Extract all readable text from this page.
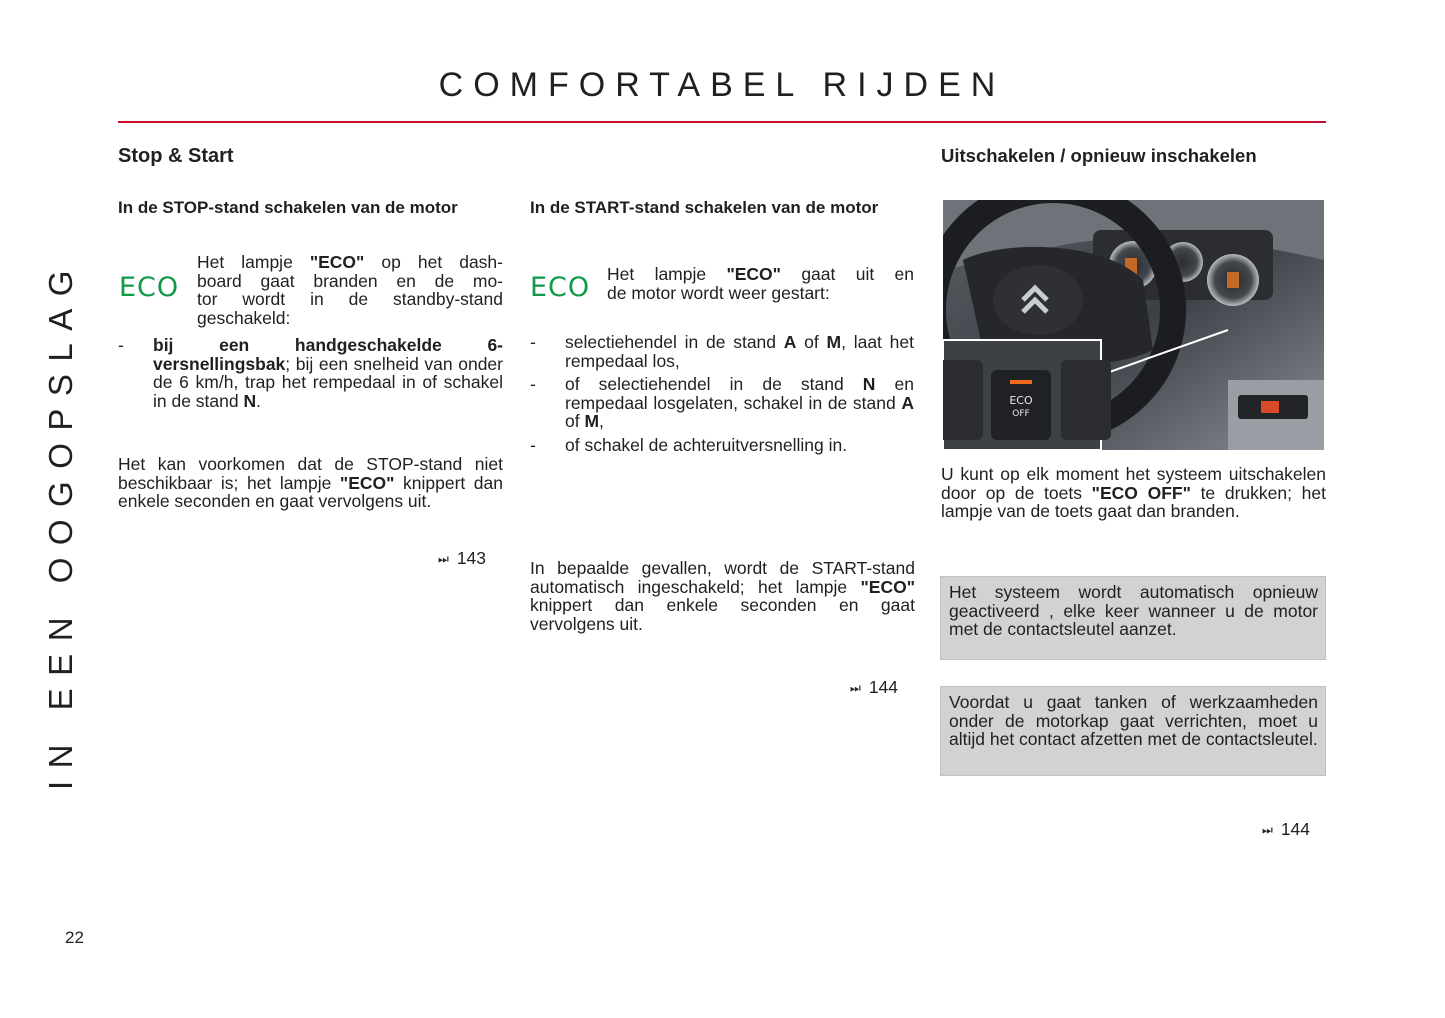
COMFORTABEL RIJDEN
IN EEN OOGOPSLAG
Stop & Start
In de STOP-stand schakelen van de motor
ECO
Het lampje "ECO" op het dash-
board gaat branden en de mo-
tor wordt in de standby-stand
geschakeld:
-	bij een handgeschakelde 6-versnellingsbak; bij een snelheid van onder de 6 km/h, trap het rempedaal in of schakel in de stand N.

Het kan voorkomen dat de STOP-stand niet beschikbaar is; het lampje "ECO" knippert dan enkele seconden en gaat vervolgens uit.

⏭ 143
In de START-stand schakelen van de motor
ECO Het lampje "ECO" gaat uit en
de motor wordt weer gestart:
-	selectiehendel in de stand A of M, laat het rempedaal los,
-	of selectiehendel in de stand N en rempedaal losgelaten, schakel in de stand A of M,
-	of schakel de achteruitversnelling in.

In bepaalde gevallen, wordt de START-stand automatisch ingeschakeld; het lampje "ECO" knippert dan enkele seconden en gaat vervolgens uit.

⏭ 144
Uitschakelen / opnieuw inschakelen
ECO
OFF

U kunt op elk moment het systeem uitschakelen door op de toets "ECO OFF" te drukken; het lampje van de toets gaat dan branden.

Het systeem wordt automatisch opnieuw geactiveerd , elke keer wanneer u de motor met de contactsleutel aanzet.

Voordat u gaat tanken of werkzaamheden onder de motorkap gaat verrichten, moet u altijd het contact afzetten met de contactsleutel.

⏭ 144
22
